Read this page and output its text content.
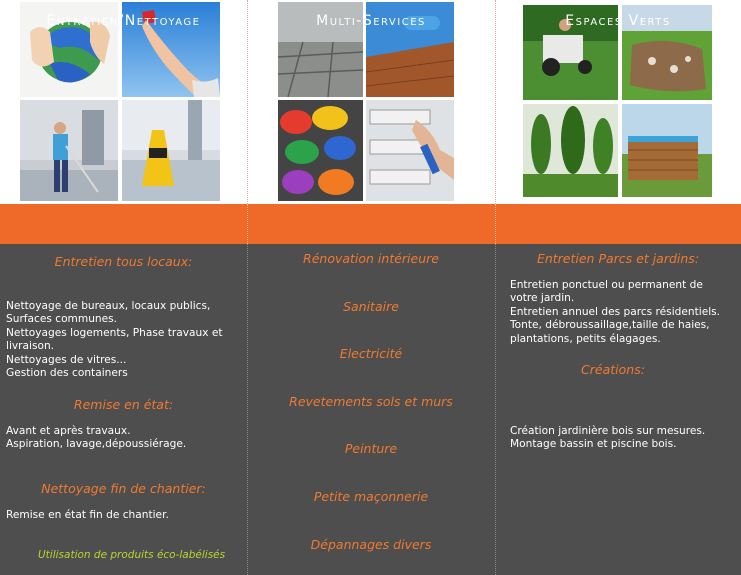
Entretien/Nettoyage	Multi-Services	Espaces Verts
Entretien tous locaux:
Nettoyage de bureaux, locaux publics,
Surfaces communes.
Nettoyages logements, Phase travaux et
livraison.
Nettoyages de vitres...
Gestion des containers
Remise en état:
Avant et après travaux.
Aspiration, lavage,dépoussiérage.
Nettoyage fin de chantier:
Remise en état fin de chantier.
Utilisation de produits éco-labélisés
Rénovation intérieure
Sanitaire
Electricité
Revetements sols et murs
Peinture
Petite maçonnerie
Dépannages divers
Entretien Parcs et jardins:
Entretien ponctuel ou permanent de
votre jardin.
Entretien annuel des parcs résidentiels.
Tonte, débroussaillage,taille de haies,
plantations, petits élagages.
Créations:
Création jardinière bois sur mesures.
Montage bassin et piscine bois.
